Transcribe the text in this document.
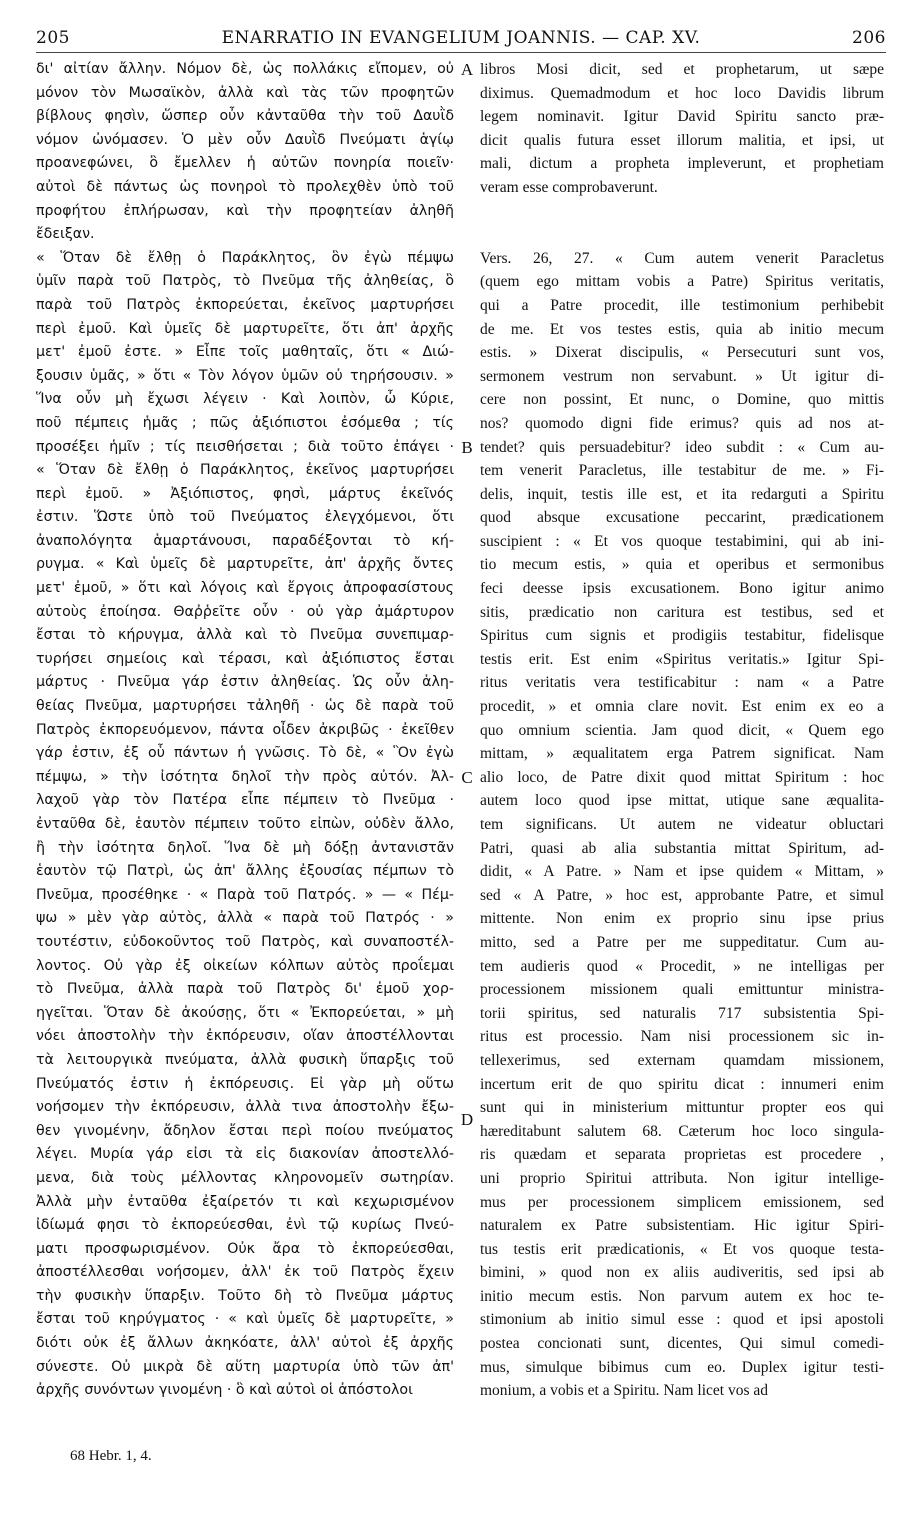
205	ENARRATIO IN EVANGELIUM JOANNIS. — CAP. XV.	206
δι' αἰτίαν ἄλλην. Νόμον δὲ, ὡς πολλάκις εἴπομεν, οὐ
μόνον τὸν Μωσαϊκὸν, ἀλλὰ καὶ τὰς τῶν προφητῶν
βίβλους φησὶν, ὥσπερ οὖν κἀνταῦθα τὴν τοῦ Δαυῒδ
νόμον ὠνόμασεν. Ὁ μὲν οὖν Δαυῒδ Πνεύματι ἁγίῳ
προανεφώνει, ὃ ἔμελλεν ἡ αὐτῶν πονηρία ποιεῖν·
αὐτοὶ δὲ πάντως ὡς πονηροὶ τὸ προλεχθὲν ὑπὸ τοῦ
προφήτου ἐπλήρωσαν, καὶ τὴν προφητείαν ἀληθῆ
ἔδειξαν.
« Ὅταν δὲ ἔλθῃ ὁ Παράκλητος, ὃν ἐγὼ πέμψω
ὑμῖν παρὰ τοῦ Πατρὸς, τὸ Πνεῦμα τῆς ἀληθείας, ὃ
παρὰ τοῦ Πατρὸς ἐκπορεύεται, ἐκεῖνος μαρτυρήσει
περὶ ἐμοῦ. Καὶ ὑμεῖς δὲ μαρτυρεῖτε, ὅτι ἀπ' ἀρχῆς
μετ' ἐμοῦ ἐστε. » Εἶπε τοῖς μαθηταῖς, ὅτι « Διώ-
ξουσιν ὑμᾶς, » ὅτι « Τὸν λόγον ὑμῶν οὐ τηρήσουσιν. »
Ἵνα οὖν μὴ ἔχωσι λέγειν · Καὶ λοιπὸν, ὦ Κύριε,
ποῦ πέμπεις ἡμᾶς ; πῶς ἀξιόπιστοι ἐσόμεθα ; τίς
προσέξει ἡμῖν ; τίς πεισθήσεται ; διὰ τοῦτο ἐπάγει ·
« Ὅταν δὲ ἔλθῃ ὁ Παράκλητος, ἐκεῖνος μαρτυρήσει
περὶ ἐμοῦ. » Ἀξιόπιστος, φησὶ, μάρτυς ἐκεῖνός
ἐστιν. Ὥστε ὑπὸ τοῦ Πνεύματος ἐλεγχόμενοι, ὅτι
ἀναπολόγητα ἁμαρτάνουσι, παραδέξονται τὸ κή-
ρυγμα. « Καὶ ὑμεῖς δὲ μαρτυρεῖτε, ἀπ' ἀρχῆς ὄντες
μετ' ἐμοῦ, » ὅτι καὶ λόγοις καὶ ἔργοις ἀπροφασίστους
αὐτοὺς ἐποίησα. Θαῤῥεῖτε οὖν · οὐ γὰρ ἀμάρτυρον
ἔσται τὸ κήρυγμα, ἀλλὰ καὶ τὸ Πνεῦμα συνεπιμαρ-
τυρήσει σημείοις καὶ τέρασι, καὶ ἀξιόπιστος ἔσται
μάρτυς · Πνεῦμα γάρ ἐστιν ἀληθείας. Ὡς οὖν ἀλη-
θείας Πνεῦμα, μαρτυρήσει τἀληθῆ · ὡς δὲ παρὰ τοῦ
Πατρὸς ἐκπορευόμενον, πάντα οἶδεν ἀκριβῶς · ἐκεῖθεν
γάρ ἐστιν, ἐξ οὗ πάντων ἡ γνῶσις. Τὸ δὲ, « Ὃν ἐγὼ
πέμψω, » τὴν ἰσότητα δηλοῖ τὴν πρὸς αὐτόν. Ἀλ-
λαχοῦ γὰρ τὸν Πατέρα εἶπε πέμπειν τὸ Πνεῦμα ·
ἐνταῦθα δὲ, ἑαυτὸν πέμπειν τοῦτο εἰπὼν, οὐδὲν ἄλλο,
ἢ τὴν ἰσότητα δηλοῖ. Ἵνα δὲ μὴ δόξῃ ἀντανιστᾶν
ἑαυτὸν τῷ Πατρὶ, ὡς ἀπ' ἄλλης ἐξουσίας πέμπων τὸ
Πνεῦμα, προσέθηκε · « Παρὰ τοῦ Πατρός. » — « Πέμ-
ψω » μὲν γὰρ αὐτὸς, ἀλλὰ « παρὰ τοῦ Πατρός · »
τουτέστιν, εὐδοκοῦντος τοῦ Πατρὸς, καὶ συναποστέλ-
λοντος. Οὐ γὰρ ἐξ οἰκείων κόλπων αὐτὸς προΐεμαι
τὸ Πνεῦμα, ἀλλὰ παρὰ τοῦ Πατρὸς δι' ἐμοῦ χορ-
ηγεῖται. Ὅταν δὲ ἀκούσῃς, ὅτι « Ἐκπορεύεται, » μὴ
νόει ἀποστολὴν τὴν ἐκπόρευσιν, οἵαν ἀποστέλλονται
τὰ λειτουργικὰ πνεύματα, ἀλλὰ φυσικὴ ὕπαρξις τοῦ
Πνεύματός ἐστιν ἡ ἐκπόρευσις. Εἰ γὰρ μὴ οὕτω
νοήσομεν τὴν ἐκπόρευσιν, ἀλλὰ τινα ἀποστολὴν ἔξω-
θεν γινομένην, ἄδηλον ἔσται περὶ ποίου πνεύματος
λέγει. Μυρία γάρ εἰσι τὰ εἰς διακονίαν ἀποστελλό-
μενα, διὰ τοὺς μέλλοντας κληρονομεῖν σωτηρίαν.
Ἀλλὰ μὴν ἐνταῦθα ἐξαίρετόν τι καὶ κεχωρισμένον
ἰδίωμά φησι τὸ ἐκπορεύεσθαι, ἐνὶ τῷ κυρίως Πνεύ-
ματι προσφωρισμένον. Οὐκ ἄρα τὸ ἐκπορεύεσθαι,
ἀποστέλλεσθαι νοήσομεν, ἀλλ' ἐκ τοῦ Πατρὸς ἔχειν
τὴν φυσικὴν ὕπαρξιν. Τοῦτο δὴ τὸ Πνεῦμα μάρτυς
ἔσται τοῦ κηρύγματος · « καὶ ὑμεῖς δὲ μαρτυρεῖτε, »
διότι οὐκ ἐξ ἄλλων ἀκηκόατε, ἀλλ' αὐτοὶ ἐξ ἀρχῆς
σύνεστε. Οὐ μικρὰ δὲ αὕτη μαρτυρία ὑπὸ τῶν ἀπ'
ἀρχῆς συνόντων γινομένη · ὃ καὶ αὐτοὶ οἱ ἀπόστολοι
libros Mosi dicit, sed et prophetarum, ut sæpe
diximus. Quemadmodum et hoc loco Davidis librum
legem nominavit. Igitur David Spiritu sancto præ-
dicit qualis futura esset illorum malitia, et ipsi, ut
mali, dictum a propheta impleverunt, et prophetiam
veram esse comprobaverunt.
Vers. 26, 27. « Cum autem venerit Paracletus
(quem ego mittam vobis a Patre) Spiritus veritatis,
qui a Patre procedit, ille testimonium perhibebit
de me. Et vos testes estis, quia ab initio mecum
estis. » Dixerat discipulis, « Persecuturi sunt vos,
sermonem vestrum non servabunt. » Ut igitur di-
cere non possint, Et nunc, o Domine, quo mittis
nos? quomodo digni fide erimus? quis ad nos at-
tendet? quis persuadebitur? ideo subdit : « Cum au-
tem venerit Paracletus, ille testabitur de me. » Fi-
delis, inquit, testis ille est, et ita redarguti a Spiritu
quod absque excusatione peccarint, prædicationem
suscipient : « Et vos quoque testabimini, qui ab ini-
tio mecum estis, » quia et operibus et sermonibus
feci deesse ipsis excusationem. Bono igitur animo
sitis, prædicatio non caritura est testibus, sed et
Spiritus cum signis et prodigiis testabitur, fidelisque
testis erit. Est enim «Spiritus veritatis.» Igitur Spi-
ritus veritatis vera testificabitur : nam « a Patre
procedit, » et omnia clare novit. Est enim ex eo a
quo omnium scientia. Jam quod dicit, « Quem ego
mittam, » æqualitatem erga Patrem significat. Nam
alio loco, de Patre dixit quod mittat Spiritum : hoc
autem loco quod ipse mittat, utique sane æqualita-
tem significans. Ut autem ne videatur obluctari
Patri, quasi ab alia substantia mittat Spiritum, ad-
didit, « A Patre. » Nam et ipse quidem « Mittam, »
sed « A Patre, » hoc est, approbante Patre, et simul
mittente. Non enim ex proprio sinu ipse prius
mitto, sed a Patre per me suppeditatur. Cum au-
tem audieris quod « Procedit, » ne intelligas per
processionem missionem quali emittuntur ministra-
torii spiritus, sed naturalis 717 subsistentia Spi-
ritus est processio. Nam nisi processionem sic in-
tellexerimus, sed externam quamdam missionem,
incertum erit de quo spiritu dicat : innumeri enim
sunt qui in ministerium mittuntur propter eos qui
hæreditabunt salutem 68. Cæterum hoc loco singula-
ris quædam et separata proprietas est procedere ,
uni proprio Spiritui attributa. Non igitur intellige-
mus per processionem simplicem emissionem, sed
naturalem ex Patre subsistentiam. Hic igitur Spiri-
tus testis erit prædicationis, « Et vos quoque testa-
bimini, » quod non ex aliis audiveritis, sed ipsi ab
initio mecum estis. Non parvum autem ex hoc te-
stimonium ab initio simul esse : quod et ipsi apostoli
postea concionati sunt, dicentes, Qui simul comedi-
mus, simulque bibimus cum eo. Duplex igitur testi-
monium, a vobis et a Spiritu. Nam licet vos ad
A
B
C
D
68 Hebr. 1, 4.
